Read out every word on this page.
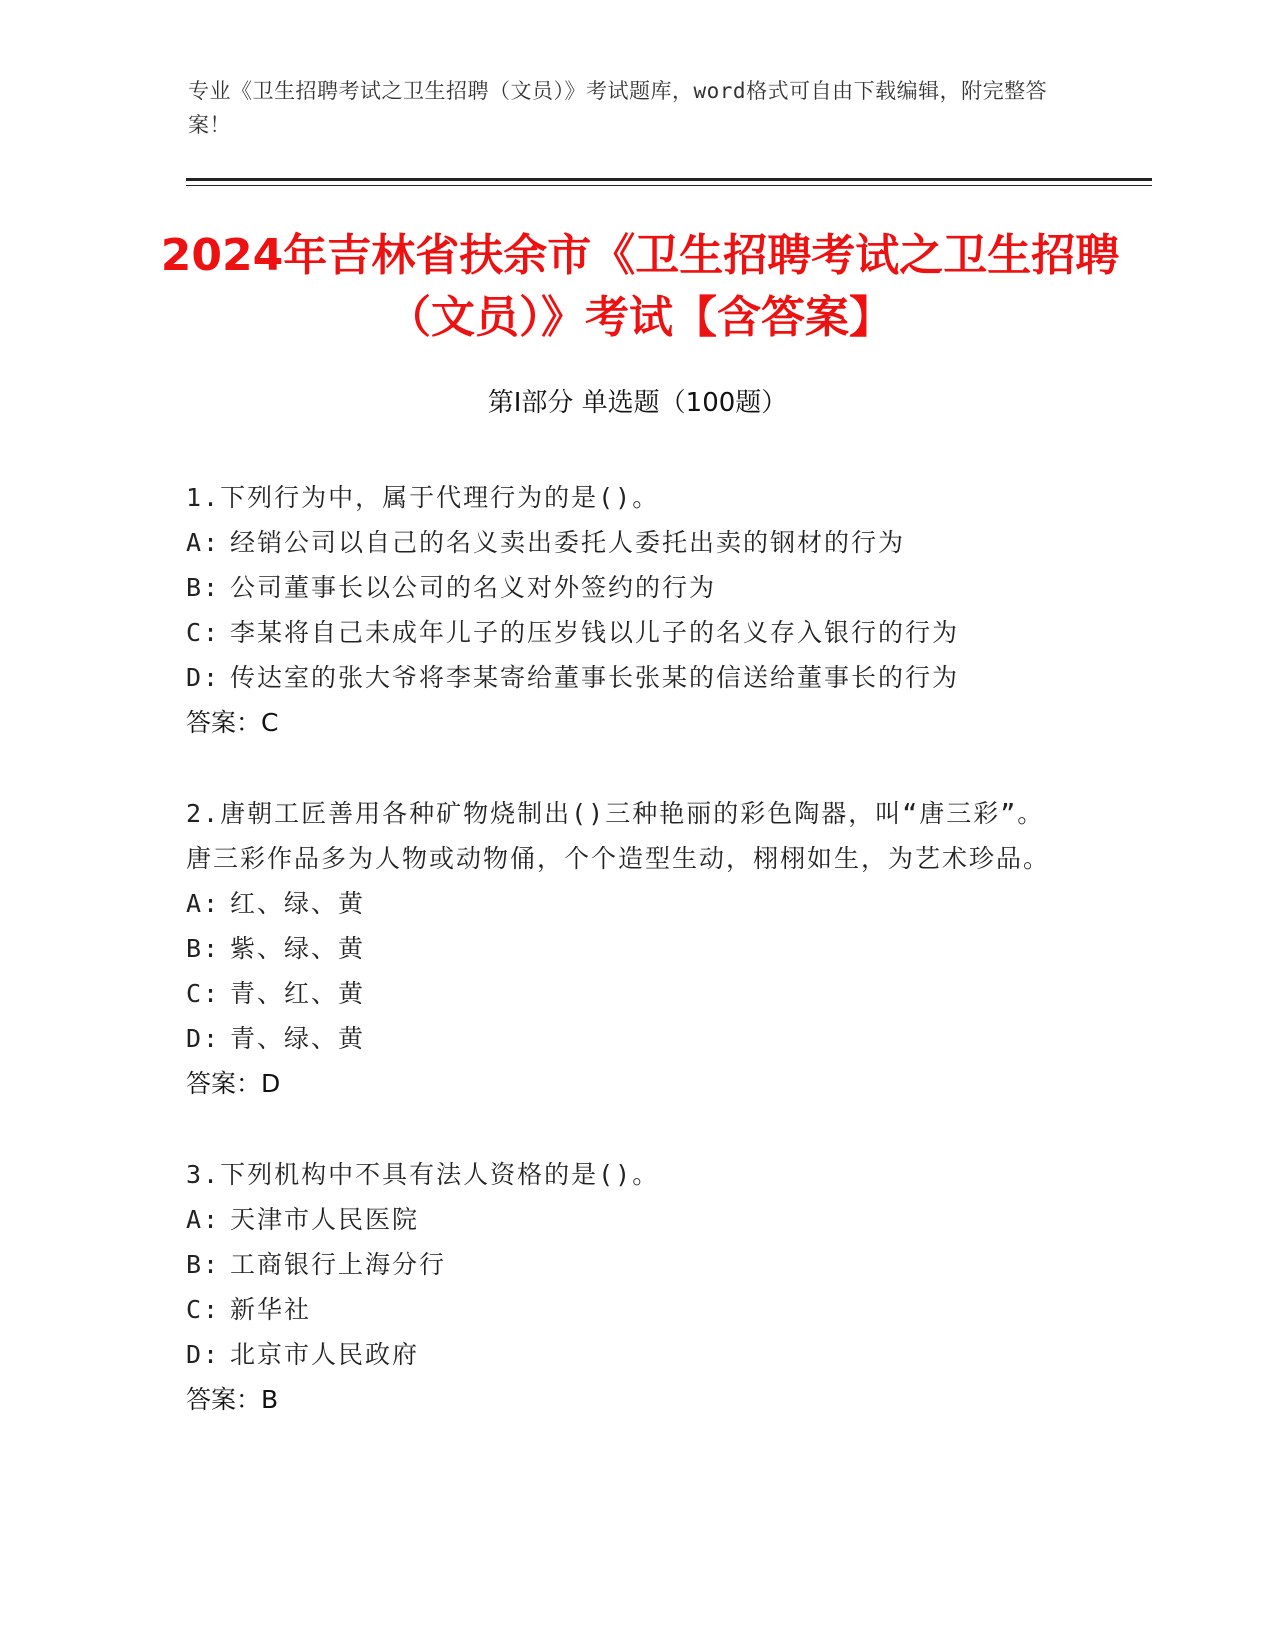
专业《卫生招聘考试之卫生招聘（文员）》考试题库，word格式可自由下载编辑，附完整答案！
2024年吉林省扶余市《卫生招聘考试之卫生招聘（文员）》考试【含答案】
第Ⅰ部分 单选题（100题）

1.下列行为中，属于代理行为的是()。

A: 经销公司以自己的名义卖出委托人委托出卖的钢材的行为

B: 公司董事长以公司的名义对外签约的行为

C: 李某将自己未成年儿子的压岁钱以儿子的名义存入银行的行为

D: 传达室的张大爷将李某寄给董事长张某的信送给董事长的行为

答案：C

2.唐朝工匠善用各种矿物烧制出()三种艳丽的彩色陶器，叫“唐三彩”。唐三彩作品多为人物或动物俑，个个造型生动，栩栩如生，为艺术珍品。

A: 红、绿、黄

B: 紫、绿、黄

C: 青、红、黄

D: 青、绿、黄

答案：D

3.下列机构中不具有法人资格的是()。

A: 天津市人民医院

B: 工商银行上海分行

C: 新华社

D: 北京市人民政府

答案：B
